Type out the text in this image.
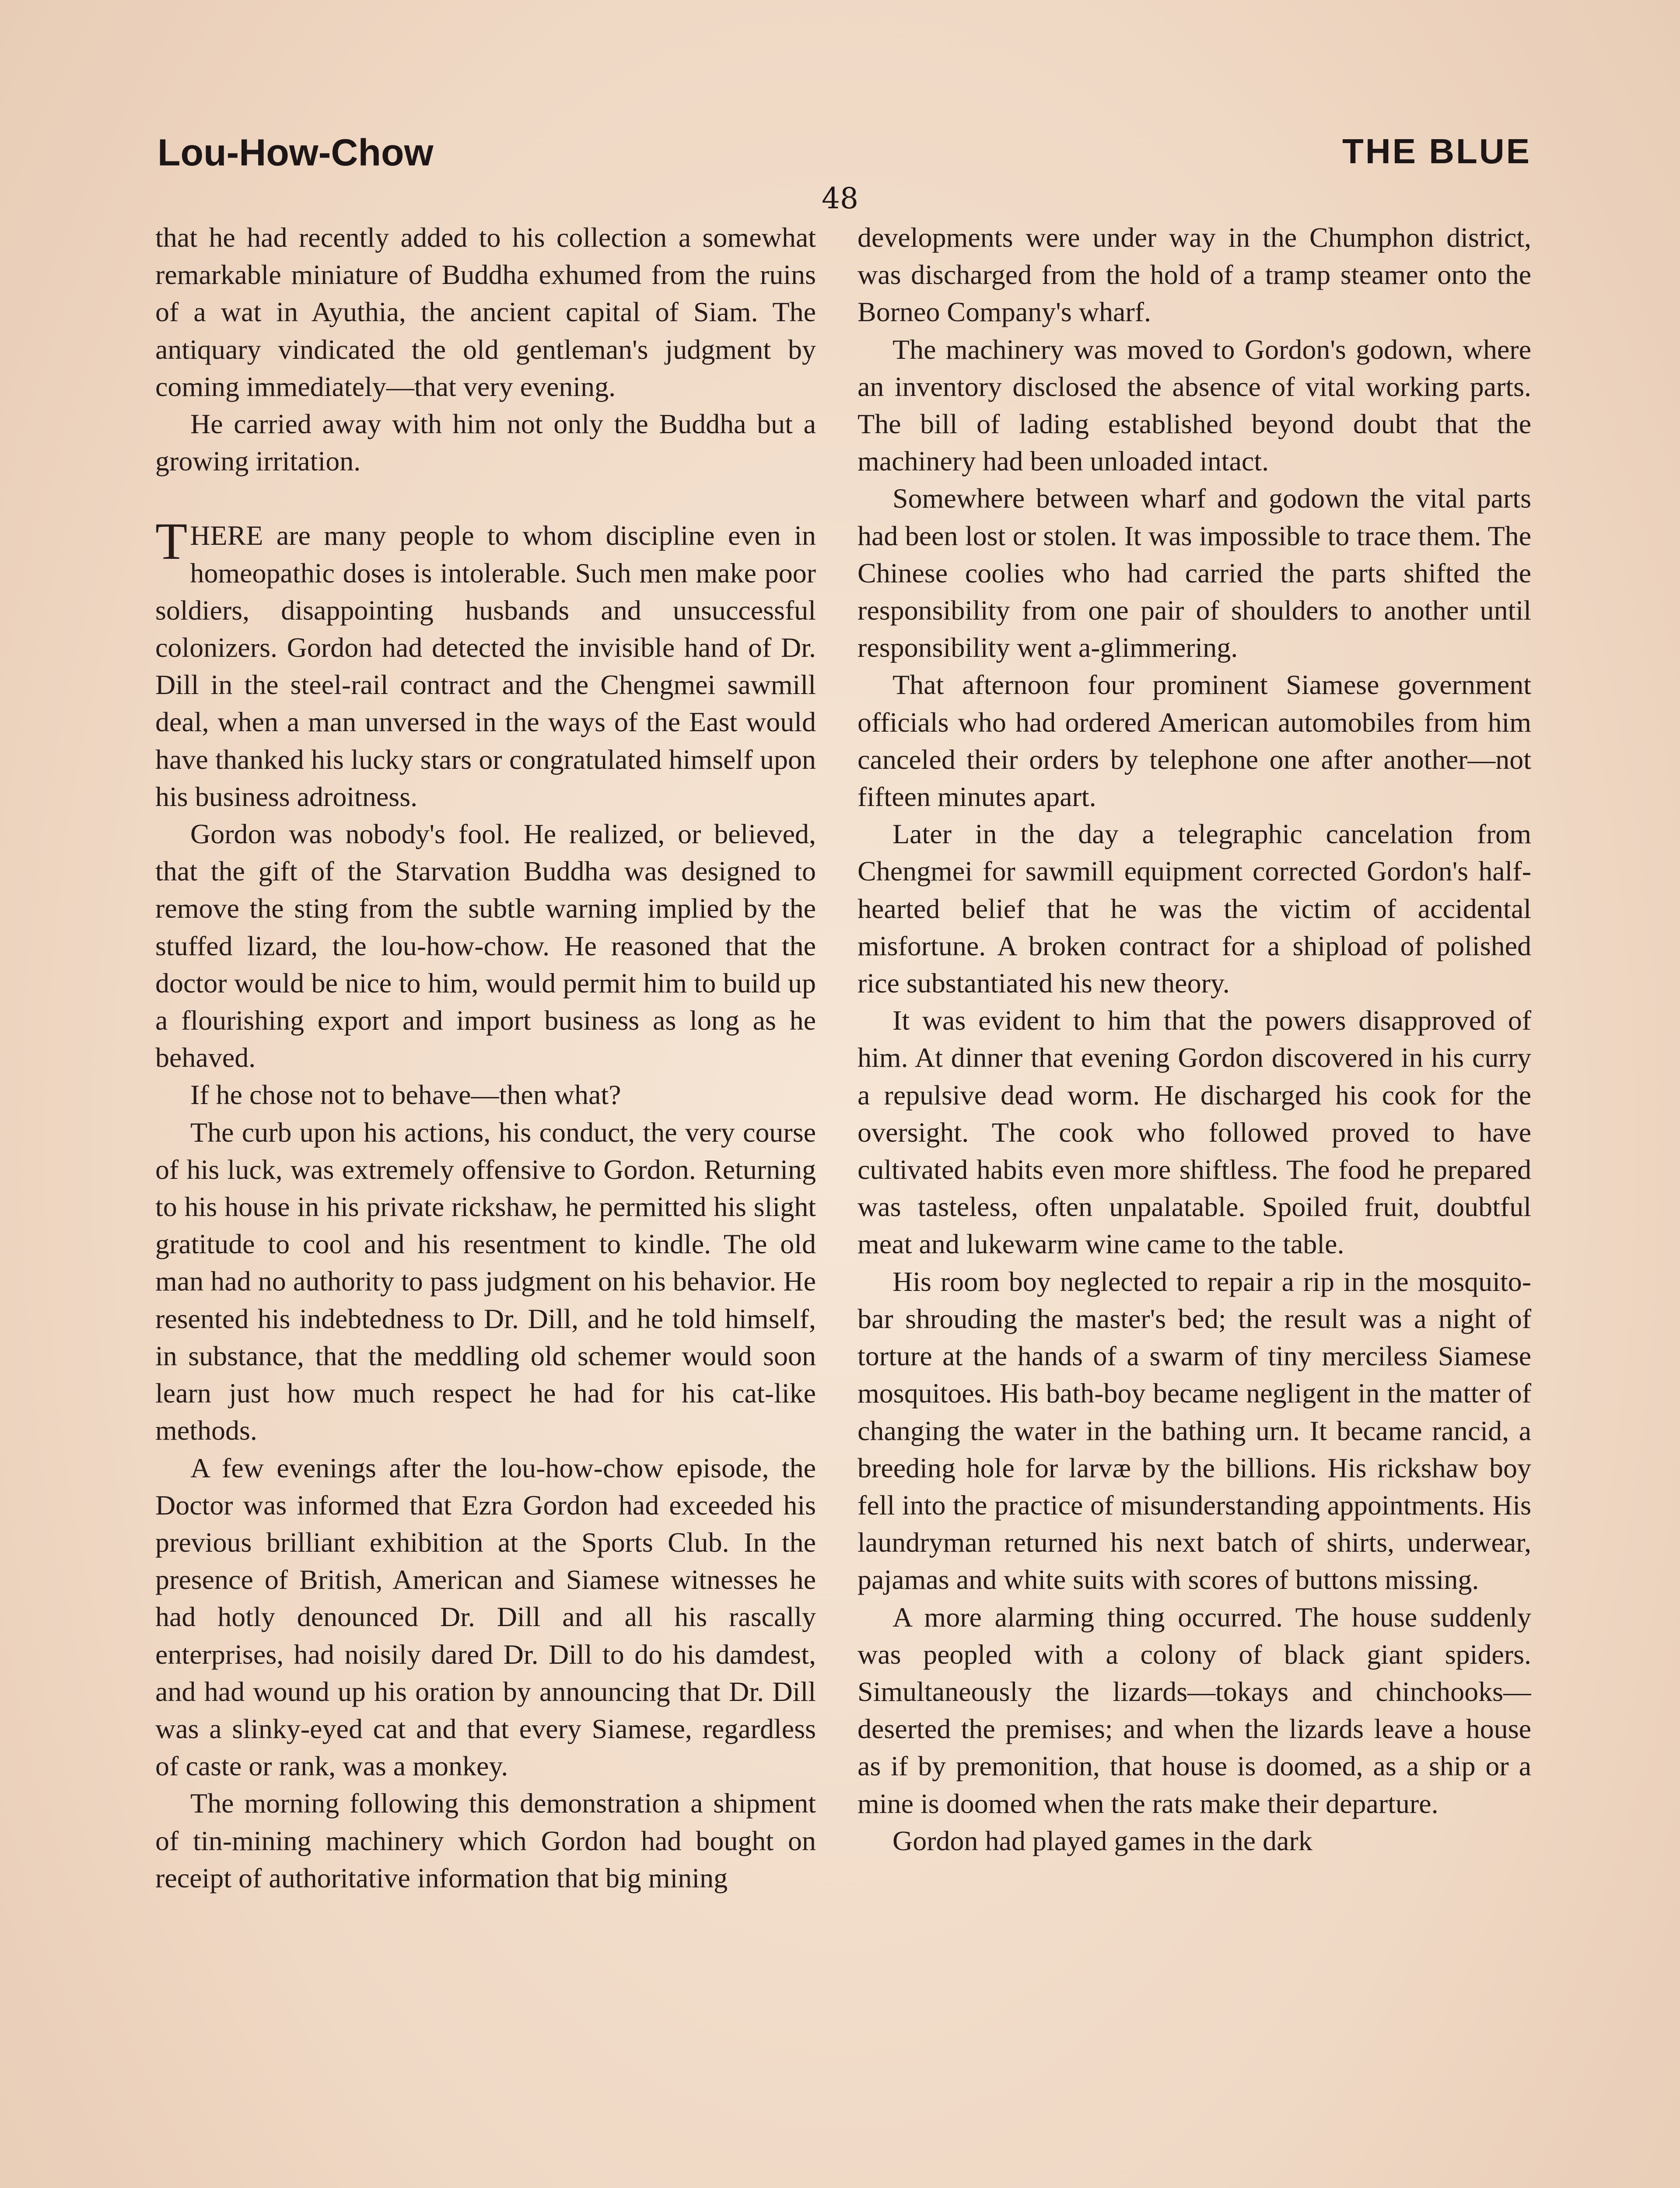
Lou-How-Chow	THE BLUE
48

that he had recently added to his collection a somewhat remarkable miniature of Buddha exhumed from the ruins of a wat in Ayuthia, the ancient capital of Siam. The antiquary vindicated the old gentleman's judgment by coming immediately—that very evening.

He carried away with him not only the Buddha but a growing irritation.

THERE are many people to whom discipline even in homeopathic doses is intolerable. Such men make poor soldiers, disappointing husbands and unsuccessful colonizers. Gordon had detected the invisible hand of Dr. Dill in the steel-rail contract and the Chengmei sawmill deal, when a man unversed in the ways of the East would have thanked his lucky stars or congratulated himself upon his business adroitness.

Gordon was nobody's fool. He realized, or believed, that the gift of the Starvation Buddha was designed to remove the sting from the subtle warning implied by the stuffed lizard, the lou-how-chow. He reasoned that the doctor would be nice to him, would permit him to build up a flourishing export and import business as long as he behaved.

If he chose not to behave—then what?

The curb upon his actions, his conduct, the very course of his luck, was extremely offensive to Gordon. Returning to his house in his private rickshaw, he permitted his slight gratitude to cool and his resentment to kindle. The old man had no authority to pass judgment on his behavior. He resented his indebtedness to Dr. Dill, and he told himself, in substance, that the meddling old schemer would soon learn just how much respect he had for his cat-like methods.

A few evenings after the lou-how-chow episode, the Doctor was informed that Ezra Gordon had exceeded his previous brilliant exhibition at the Sports Club. In the presence of British, American and Siamese witnesses he had hotly denounced Dr. Dill and all his rascally enterprises, had noisily dared Dr. Dill to do his damdest, and had wound up his oration by announcing that Dr. Dill was a slinky-eyed cat and that every Siamese, regardless of caste or rank, was a monkey.

The morning following this demonstration a shipment of tin-mining machinery which Gordon had bought on receipt of authoritative information that big mining

developments were under way in the Chumphon district, was discharged from the hold of a tramp steamer onto the Borneo Company's wharf.

The machinery was moved to Gordon's godown, where an inventory disclosed the absence of vital working parts. The bill of lading established beyond doubt that the machinery had been unloaded intact.

Somewhere between wharf and godown the vital parts had been lost or stolen. It was impossible to trace them. The Chinese coolies who had carried the parts shifted the responsibility from one pair of shoulders to another until responsibility went a-glimmering.

That afternoon four prominent Siamese government officials who had ordered American automobiles from him canceled their orders by telephone one after another—not fifteen minutes apart.

Later in the day a telegraphic cancelation from Chengmei for sawmill equipment corrected Gordon's half-hearted belief that he was the victim of accidental misfortune. A broken contract for a shipload of polished rice substantiated his new theory.

It was evident to him that the powers disapproved of him. At dinner that evening Gordon discovered in his curry a repulsive dead worm. He discharged his cook for the oversight. The cook who followed proved to have cultivated habits even more shiftless. The food he prepared was tasteless, often unpalatable. Spoiled fruit, doubtful meat and lukewarm wine came to the table.

His room boy neglected to repair a rip in the mosquito-bar shrouding the master's bed; the result was a night of torture at the hands of a swarm of tiny merciless Siamese mosquitoes. His bath-boy became negligent in the matter of changing the water in the bathing urn. It became rancid, a breeding hole for larvæ by the billions. His rickshaw boy fell into the practice of misunderstanding appointments. His laundryman returned his next batch of shirts, underwear, pajamas and white suits with scores of buttons missing.

A more alarming thing occurred. The house suddenly was peopled with a colony of black giant spiders. Simultaneously the lizards—tokays and chinchooks—deserted the premises; and when the lizards leave a house as if by premonition, that house is doomed, as a ship or a mine is doomed when the rats make their departure.

Gordon had played games in the dark
